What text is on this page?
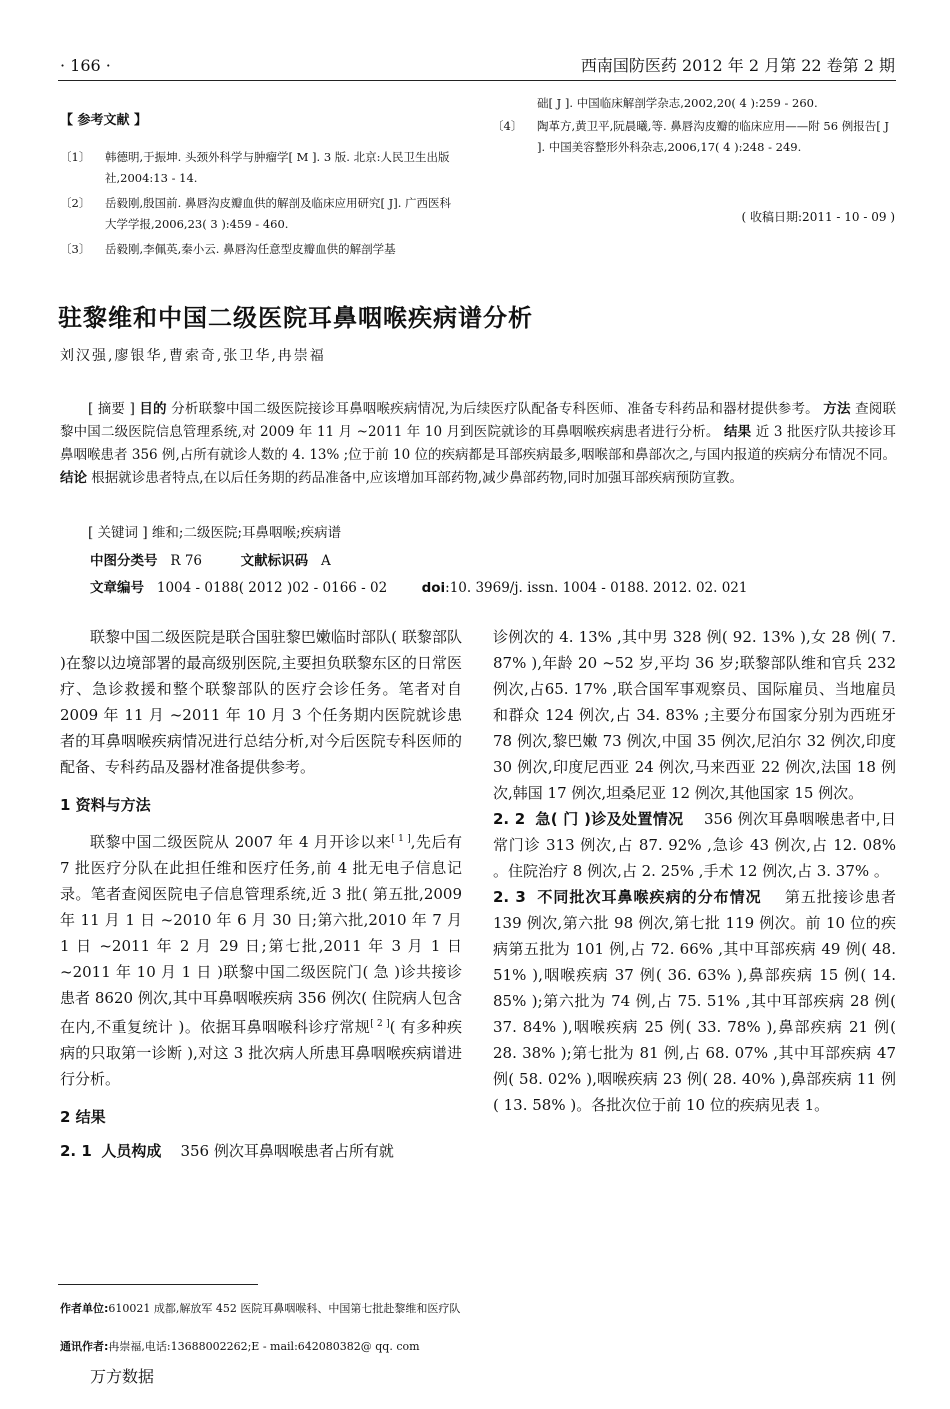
· 166 ·	西南国防医药 2012 年 2 月第 22 卷第 2 期
【 参考文献 】
〔1〕 韩德明,于振坤. 头颈外科学与肿瘤学[ M ]. 3 版. 北京:人民卫生出版社,2004:13 - 14.
〔2〕 岳毅刚,殷国前. 鼻唇沟皮瓣血供的解剖及临床应用研究[ J]. 广西医科大学学报,2006,23( 3 ):459 - 460.
〔3〕 岳毅刚,李佩英,秦小云. 鼻唇沟任意型皮瓣血供的解剖学基
础[ J ]. 中国临床解剖学杂志,2002,20( 4 ):259 - 260.
〔4〕 陶革方,黄卫平,阮晨曦,等. 鼻唇沟皮瓣的临床应用——附 56 例报告[ J ]. 中国美容整形外科杂志,2006,17( 4 ):248 - 249.
( 收稿日期:2011 - 10 - 09 )
驻黎维和中国二级医院耳鼻咽喉疾病谱分析
刘汉强,廖银华,曹索奇,张卫华,冉崇福
[ 摘要 ] 目的 分析联黎中国二级医院接诊耳鼻咽喉疾病情况,为后续医疗队配备专科医师、准备专科药品和器材提供参考。 方法 查阅联黎中国二级医院信息管理系统,对 2009 年 11 月 ~2011 年 10 月到医院就诊的耳鼻咽喉疾病患者进行分析。 结果 近 3 批医疗队共接诊耳鼻咽喉患者 356 例,占所有就诊人数的 4. 13% ;位于前 10 位的疾病都是耳部疾病最多,咽喉部和鼻部次之,与国内报道的疾病分布情况不同。 结论 根据就诊患者特点,在以后任务期的药品准备中,应该增加耳部药物,减少鼻部药物,同时加强耳部疾病预防宣教。
[ 关键词 ] 维和;二级医院;耳鼻咽喉;疾病谱
中图分类号 R 76	文献标识码 A
文章编号 1004 - 0188( 2012 )02 - 0166 - 02	doi:10. 3969/j. issn. 1004 - 0188. 2012. 02. 021

联黎中国二级医院是联合国驻黎巴嫩临时部队( 联黎部队 )在黎以边境部署的最高级别医院,主要担负联黎东区的日常医疗、急诊救援和整个联黎部队的医疗会诊任务。笔者对自 2009 年 11 月 ~2011 年 10 月 3 个任务期内医院就诊患者的耳鼻咽喉疾病情况进行总结分析,对今后医院专科医师的配备、专科药品及器材准备提供参考。

1 资料与方法

联黎中国二级医院从 2007 年 4 月开诊以来[ 1 ],先后有 7 批医疗分队在此担任维和医疗任务,前 4 批无电子信息记录。笔者查阅医院电子信息管理系统,近 3 批( 第五批,2009 年 11 月 1 日 ~2010 年 6 月 30 日;第六批,2010 年 7 月 1 日 ~2011 年 2 月 29 日;第七批,2011 年 3 月 1 日 ~2011 年 10 月 1 日 )联黎中国二级医院门( 急 )诊共接诊患者 8620 例次,其中耳鼻咽喉疾病 356 例次( 住院病人包含在内,不重复统计 )。依据耳鼻咽喉科诊疗常规[ 2 ]( 有多种疾病的只取第一诊断 ),对这 3 批次病人所患耳鼻咽喉疾病谱进行分析。

2 结果

2. 1 人员构成 356 例次耳鼻咽喉患者占所有就

诊例次的 4. 13% ,其中男 328 例( 92. 13% ),女 28 例( 7. 87% ),年龄 20 ~52 岁,平均 36 岁;联黎部队维和官兵 232 例次,占65. 17% ,联合国军事观察员、国际雇员、当地雇员和群众 124 例次,占 34. 83% ;主要分布国家分别为西班牙 78 例次,黎巴嫩 73 例次,中国 35 例次,尼泊尔 32 例次,印度 30 例次,印度尼西亚 24 例次,马来西亚 22 例次,法国 18 例次,韩国 17 例次,坦桑尼亚 12 例次,其他国家 15 例次。

2. 2 急( 门 )诊及处置情况 356 例次耳鼻咽喉患者中,日常门诊 313 例次,占 87. 92% ,急诊 43 例次,占 12. 08% 。住院治疗 8 例次,占 2. 25% ,手术 12 例次,占 3. 37% 。

2. 3 不同批次耳鼻喉疾病的分布情况 第五批接诊患者 139 例次,第六批 98 例次,第七批 119 例次。前 10 位的疾病第五批为 101 例,占 72. 66% ,其中耳部疾病 49 例( 48. 51% ),咽喉疾病 37 例( 36. 63% ),鼻部疾病 15 例( 14. 85% );第六批为 74 例,占 75. 51% ,其中耳部疾病 28 例( 37. 84% ),咽喉疾病 25 例( 33. 78% ),鼻部疾病 21 例( 28. 38% );第七批为 81 例,占 68. 07% ,其中耳部疾病 47 例( 58. 02% ),咽喉疾病 23 例( 28. 40% ),鼻部疾病 11 例( 13. 58% )。各批次位于前 10 位的疾病见表 1。

作者单位:610021 成都,解放军 452 医院耳鼻咽喉科、中国第七批赴黎维和医疗队
通讯作者:冉崇福,电话:13688002262;E - mail:642080382@ qq. com
万方数据
